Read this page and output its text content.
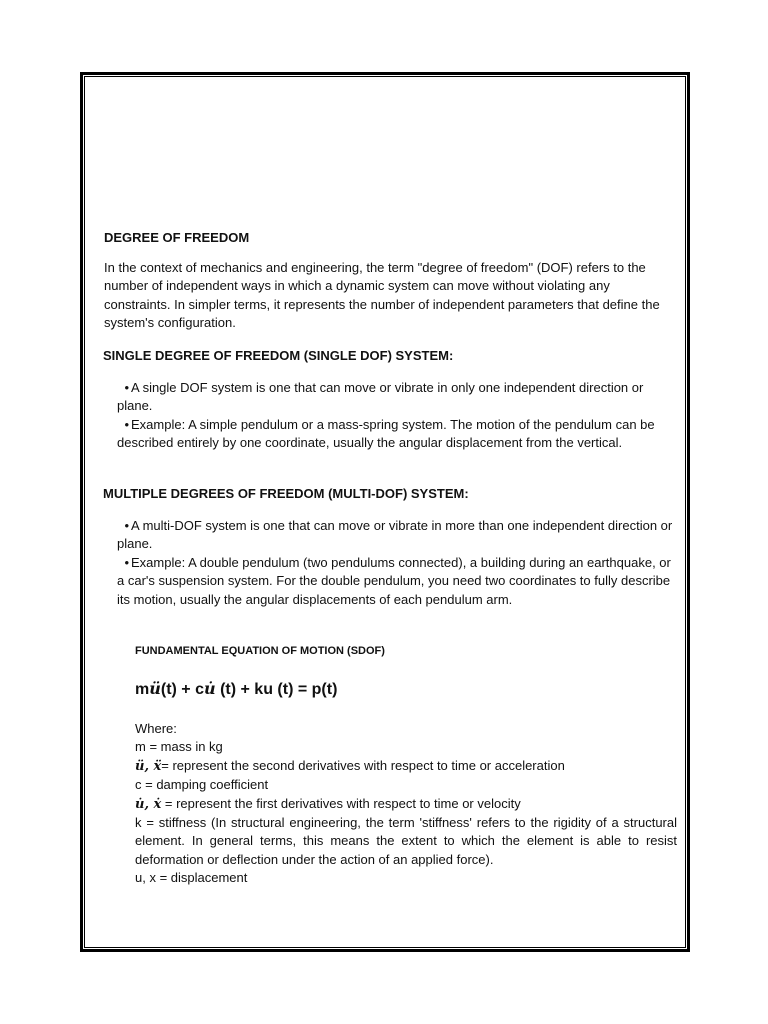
DEGREE OF FREEDOM

In the context of mechanics and engineering, the term "degree of freedom" (DOF) refers to the number of independent ways in which a dynamic system can move without violating any constraints. In simpler terms, it represents the number of independent parameters that define the system's configuration.

SINGLE DEGREE OF FREEDOM (SINGLE DOF) SYSTEM:
• A single DOF system is one that can move or vibrate in only one independent direction or plane.
• Example: A simple pendulum or a mass-spring system. The motion of the pendulum can be described entirely by one coordinate, usually the angular displacement from the vertical.
MULTIPLE DEGREES OF FREEDOM (MULTI-DOF) SYSTEM:
• A multi-DOF system is one that can move or vibrate in more than one independent direction or plane.
• Example: A double pendulum (two pendulums connected), a building during an earthquake, or a car's suspension system. For the double pendulum, you need two coordinates to fully describe its motion, usually the angular displacements of each pendulum arm.
FUNDAMENTAL EQUATION OF MOTION (SDOF)
mü(t) + cu̇ (t) + ku (t) = p(t)
Where:
m = mass in kg
ü, ẍ= represent the second derivatives with respect to time or acceleration
c = damping coefficient
u̇, ẋ = represent the first derivatives with respect to time or velocity
k = stiffness (In structural engineering, the term 'stiffness' refers to the rigidity of a structural element. In general terms, this means the extent to which the element is able to resist deformation or deflection under the action of an applied force).
u, x = displacement
